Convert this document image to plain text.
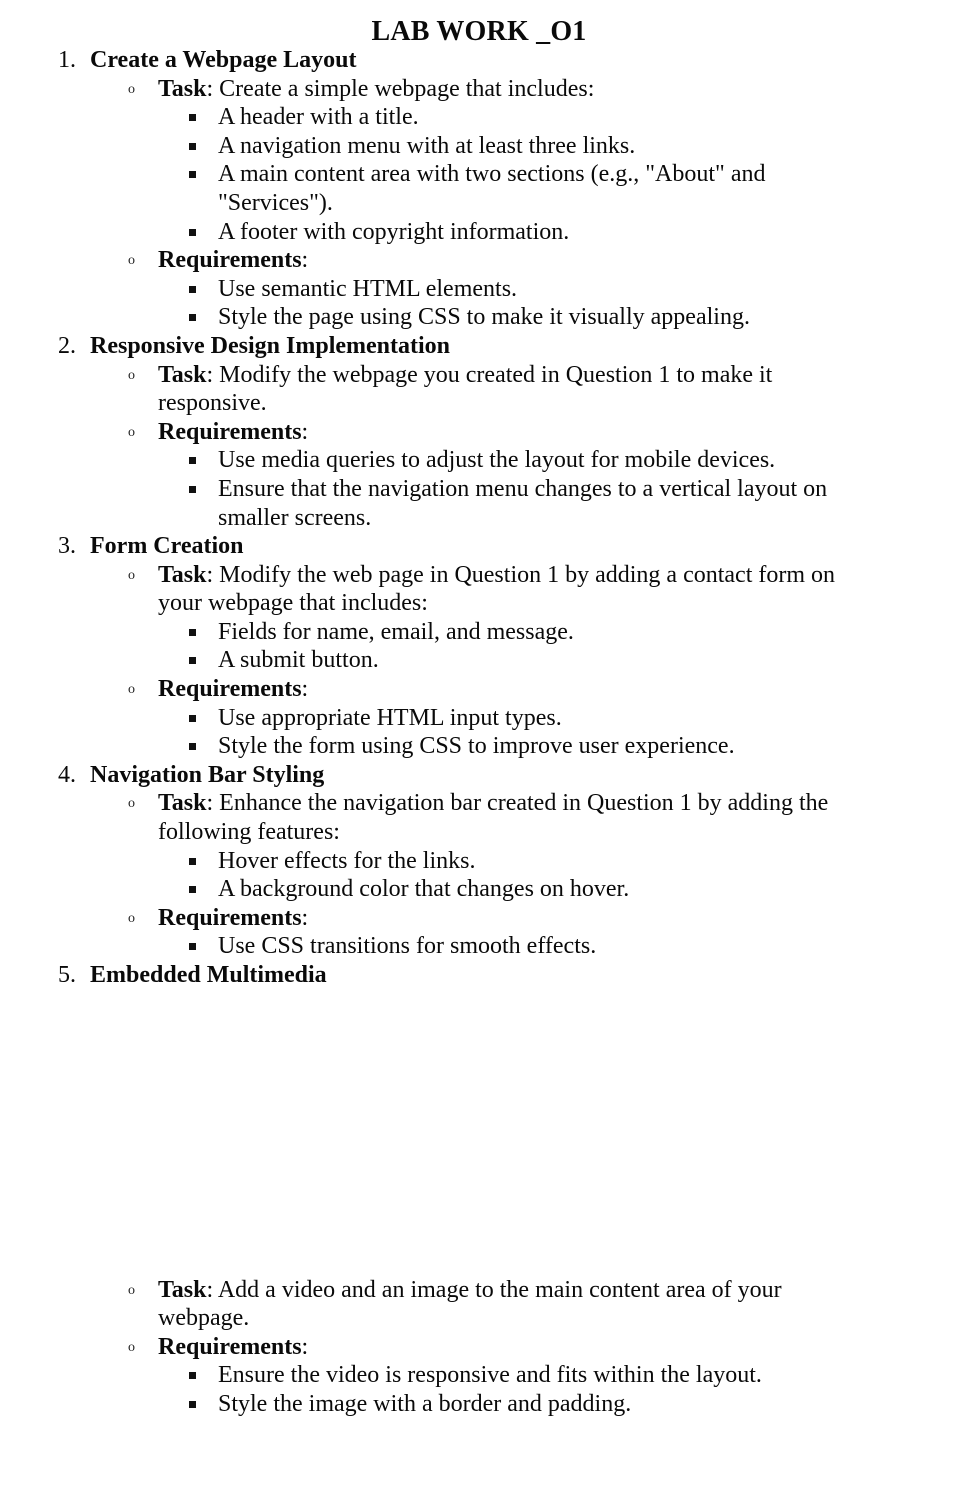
LAB WORK _O1
1. Create a Webpage Layout
o Task: Create a simple webpage that includes:
A header with a title.
A navigation menu with at least three links.
A main content area with two sections (e.g., "About" and "Services").
A footer with copyright information.
o Requirements:
Use semantic HTML elements.
Style the page using CSS to make it visually appealing.
2. Responsive Design Implementation
o Task: Modify the webpage you created in Question 1 to make it responsive.
o Requirements:
Use media queries to adjust the layout for mobile devices.
Ensure that the navigation menu changes to a vertical layout on smaller screens.
3. Form Creation
o Task: Modify the web page in Question 1 by adding a contact form on your webpage that includes:
Fields for name, email, and message.
A submit button.
o Requirements:
Use appropriate HTML input types.
Style the form using CSS to improve user experience.
4. Navigation Bar Styling
o Task: Enhance the navigation bar created in Question 1 by adding the following features:
Hover effects for the links.
A background color that changes on hover.
o Requirements:
Use CSS transitions for smooth effects.
5. Embedded Multimedia
o Task: Add a video and an image to the main content area of your webpage.
o Requirements:
Ensure the video is responsive and fits within the layout.
Style the image with a border and padding.
